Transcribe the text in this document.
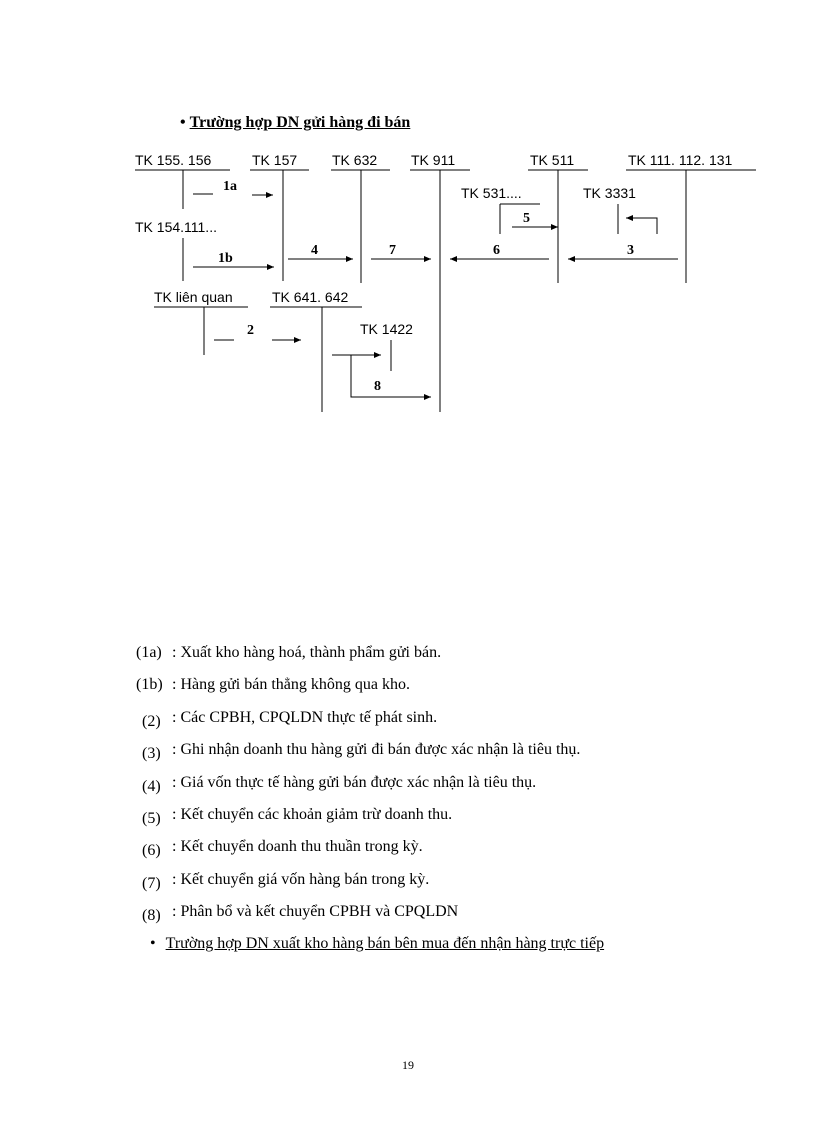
• Trường hợp DN gửi hàng đi bán
TK 155. 156	TK 157 TK 632 TK 911	TK 511	TK 111. 112. 131
TK 531....	TK 3331
TK 154.111...
TK liên quan	TK 641. 642
TK 1422
1a
1b
2
3
4
5
6
7
8
(1a) : Xuất kho hàng hoá, thành phẩm gửi bán.
(1b) : Hàng gửi bán thẳng không qua kho.
(2) : Các CPBH, CPQLDN thực tế phát sinh.
(3) : Ghi nhận doanh thu hàng gửi đi bán được xác nhận là tiêu thụ.
(4) : Giá vốn thực tế hàng gửi bán được xác nhận là tiêu thụ.
(5) : Kết chuyển các khoản giảm trừ doanh thu.
(6) : Kết chuyển doanh thu thuần trong kỳ.
(7) : Kết chuyển giá vốn hàng bán trong kỳ.
(8) : Phân bổ và kết chuyển CPBH và CPQLDN
• Trường hợp DN xuất kho hàng bán bên mua đến nhận hàng trực tiếp
19
